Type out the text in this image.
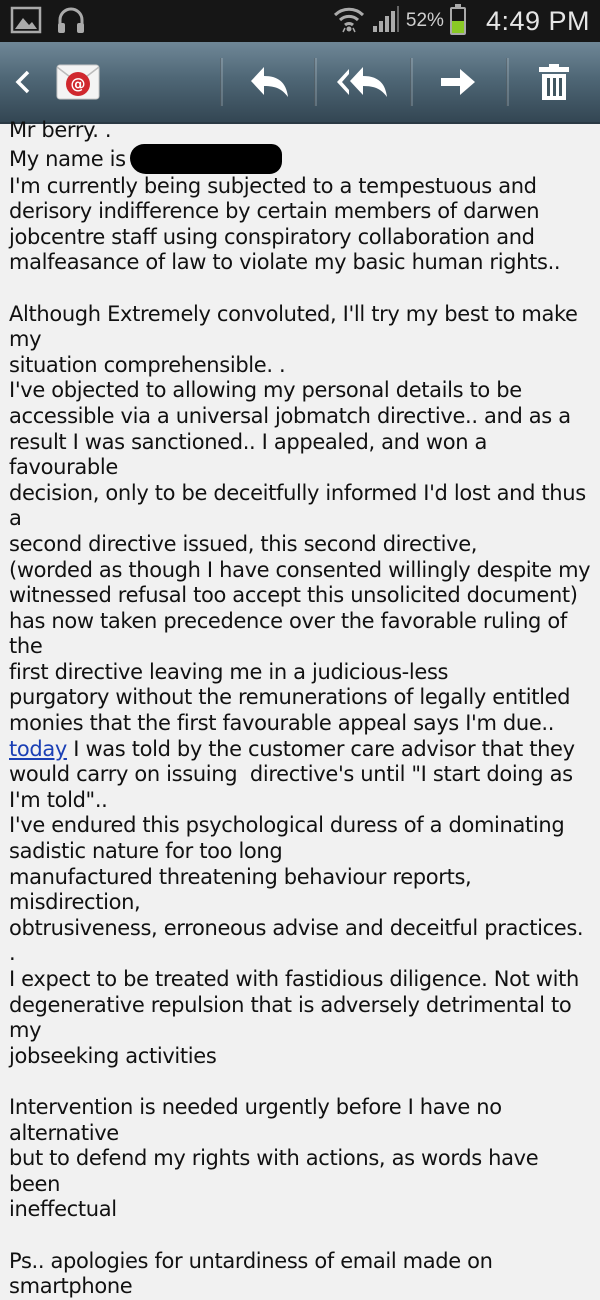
52% 4:49 PM
@

Mr berry. .

My name is

I'm currently being subjected to a tempestuous and

derisory indifference by certain members of darwen

jobcentre staff using conspiratory collaboration and

malfeasance of law to violate my basic human rights..

Although Extremely convoluted, I'll try my best to make my

situation comprehensible. .

I've objected to allowing my personal details to be

accessible via a universal jobmatch directive.. and as a

result I was sanctioned.. I appealed, and won a favourable

decision, only to be deceitfully informed I'd lost and thus a

second directive issued, this second directive,

(worded as though I have consented willingly despite my

witnessed refusal too accept this unsolicited document)

has now taken precedence over the favorable ruling of the

first directive leaving me in a judicious-less

purgatory without the remunerations of legally entitled

monies that the first favourable appeal says I'm due..

today I was told by the customer care advisor that they

would carry on issuing  directive's until "I start doing as

I'm told"..

I've endured this psychological duress of a dominating

sadistic nature for too long

manufactured threatening behaviour reports, misdirection,

obtrusiveness, erroneous advise and deceitful practices. .

I expect to be treated with fastidious diligence. Not with

degenerative repulsion that is adversely detrimental to my

jobseeking activities

Intervention is needed urgently before I have no alternative

but to defend my rights with actions, as words have been

ineffectual

Ps.. apologies for untardiness of email made on

smartphone
